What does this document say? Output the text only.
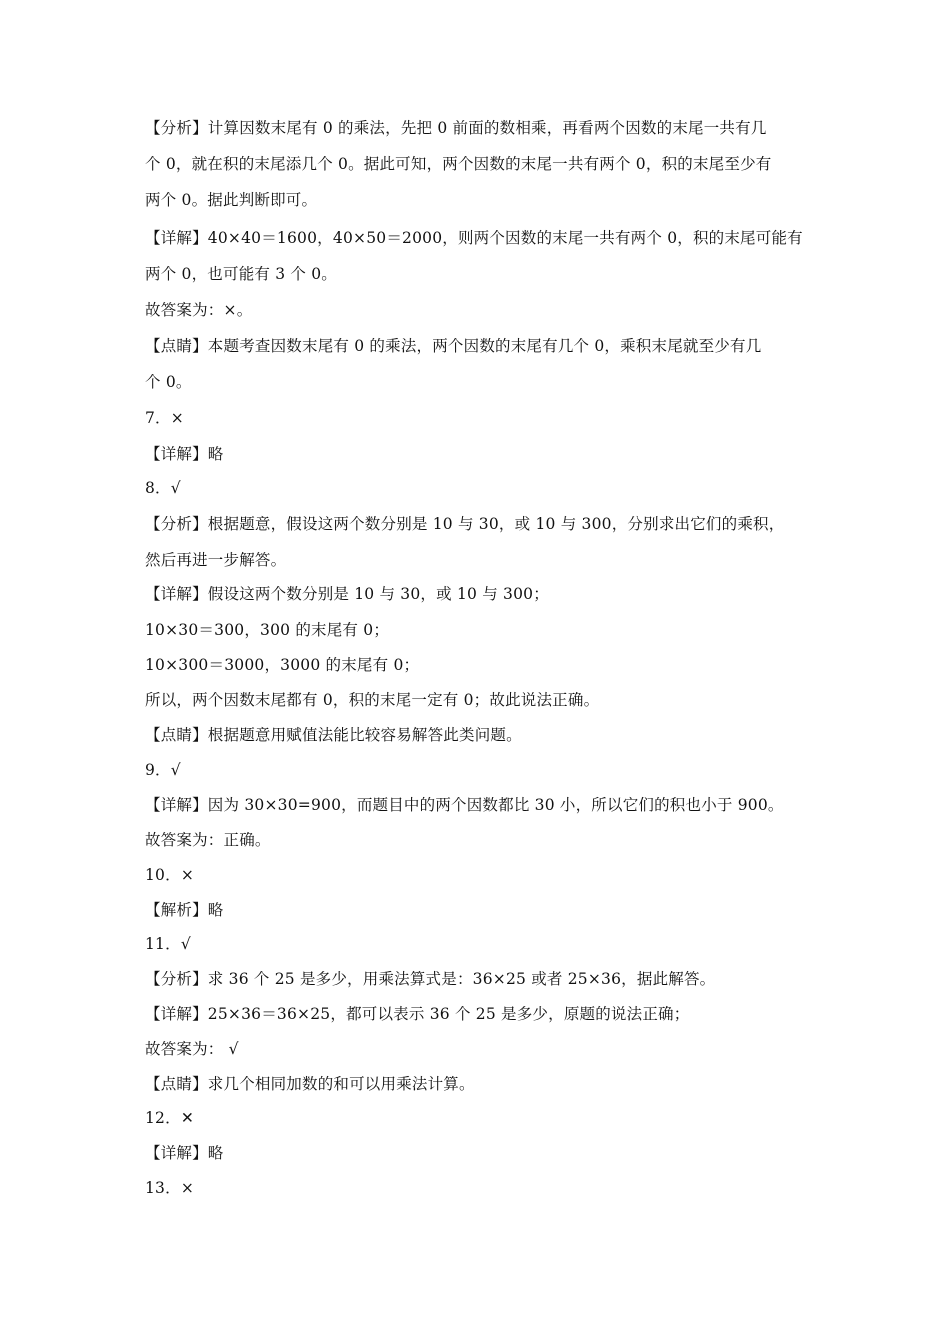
【分析】计算因数末尾有 0 的乘法，先把 0 前面的数相乘，再看两个因数的末尾一共有几
个 0，就在积的末尾添几个 0。据此可知，两个因数的末尾一共有两个 0，积的末尾至少有
两个 0。据此判断即可。
【详解】40×40＝1600，40×50＝2000，则两个因数的末尾一共有两个 0，积的末尾可能有
两个 0，也可能有 3 个 0。
故答案为：×。
【点睛】本题考查因数末尾有 0 的乘法，两个因数的末尾有几个 0，乘积末尾就至少有几
个 0。
7．×
【详解】略
8．√
【分析】根据题意，假设这两个数分别是 10 与 30，或 10 与 300，分别求出它们的乘积，
然后再进一步解答。
【详解】假设这两个数分别是 10 与 30，或 10 与 300；
10×30＝300，300 的末尾有 0；
10×300＝3000，3000 的末尾有 0；
所以，两个因数末尾都有 0，积的末尾一定有 0；故此说法正确。
【点睛】根据题意用赋值法能比较容易解答此类问题。
9．√
【详解】因为 30×30=900，而题目中的两个因数都比 30 小，所以它们的积也小于 900。
故答案为：正确。
10．×
【解析】略
11．√
【分析】求 36 个 25 是多少，用乘法算式是：36×25 或者 25×36，据此解答。
【详解】25×36＝36×25，都可以表示 36 个 25 是多少，原题的说法正确；
故答案为： √
【点睛】求几个相同加数的和可以用乘法计算。
12．✕
【详解】略
13．×
